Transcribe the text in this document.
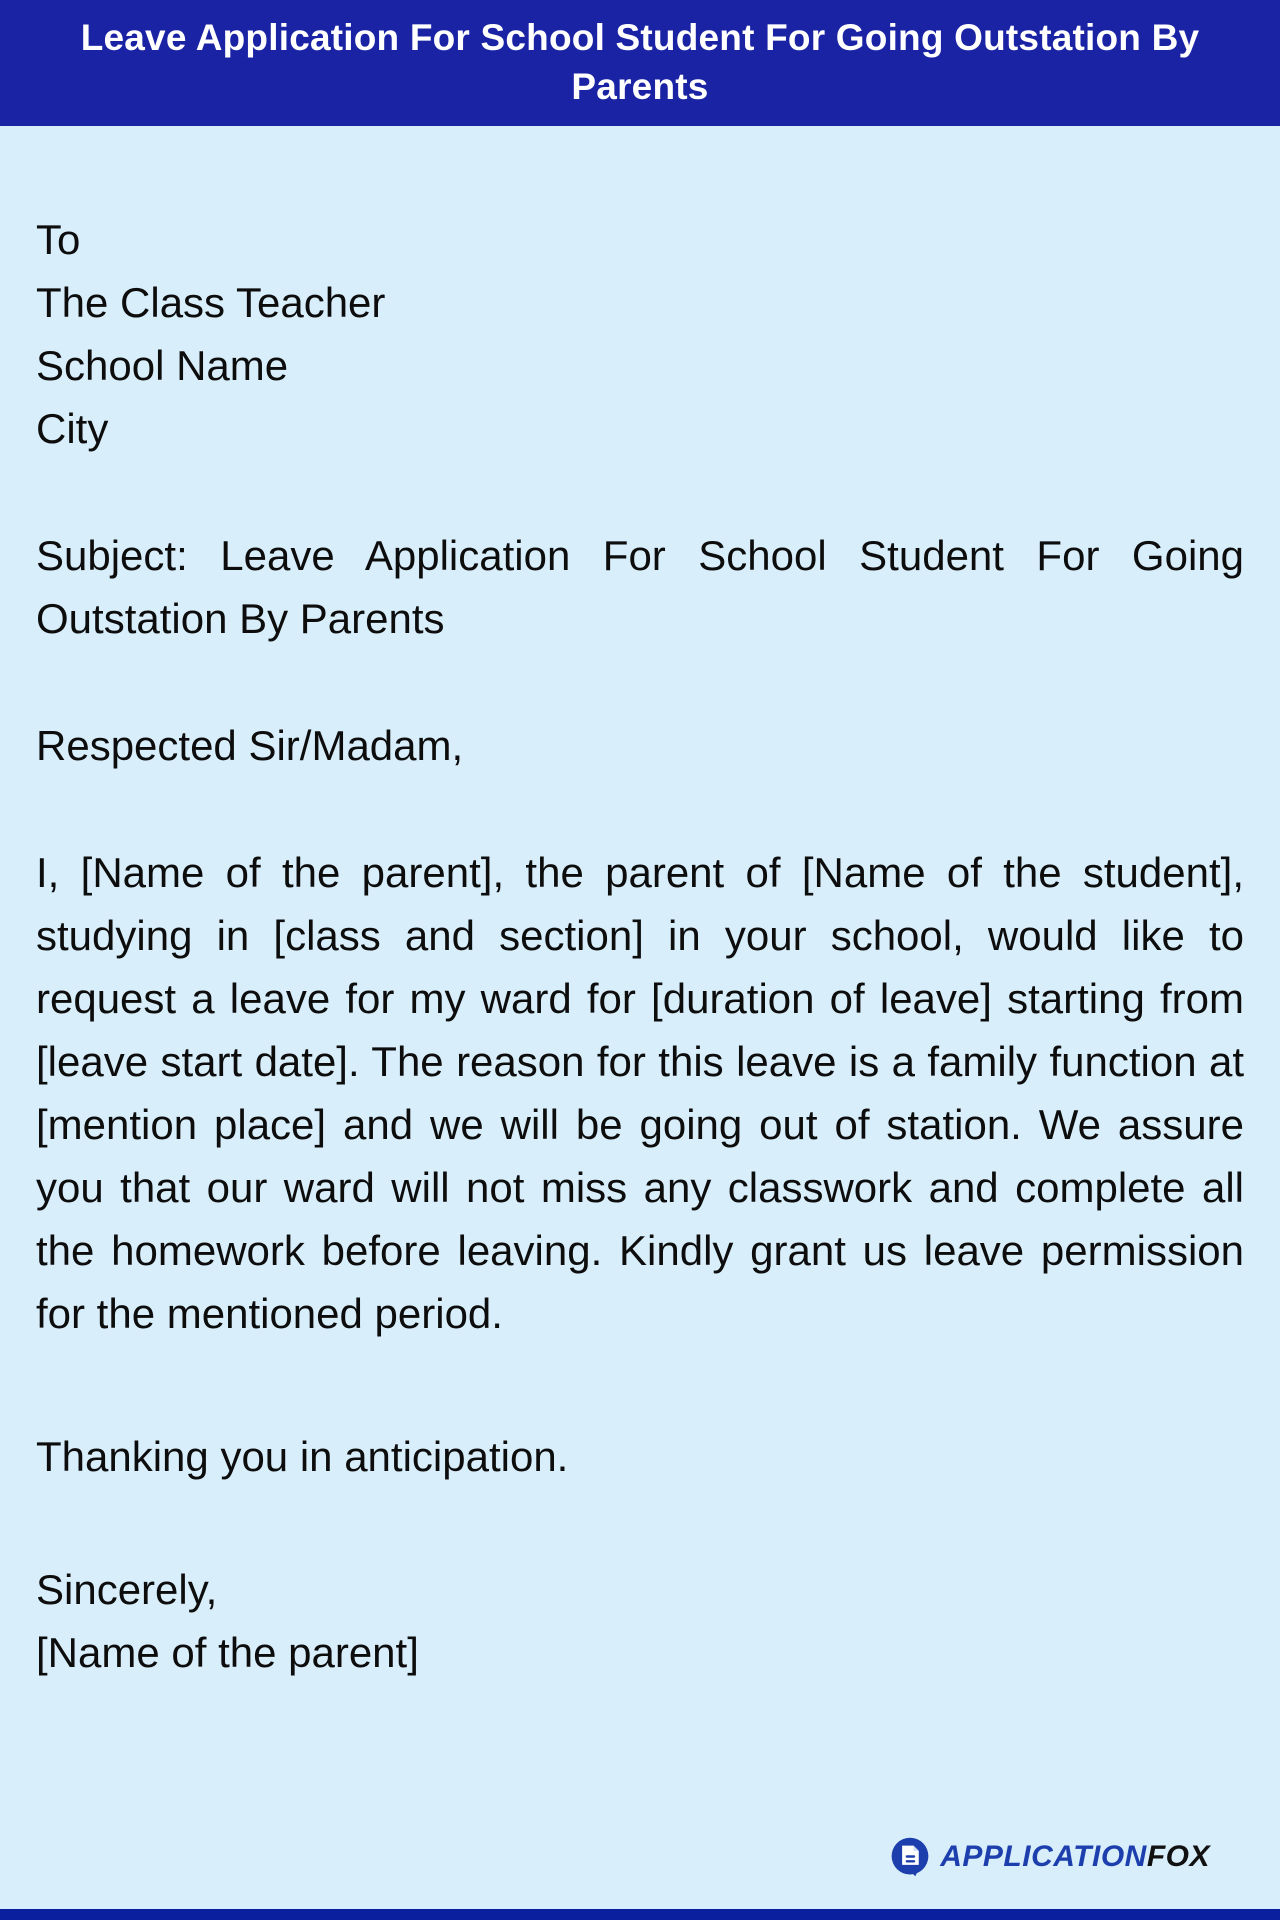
Leave Application For School Student For Going Outstation By Parents
To
The Class Teacher
School Name
City
Subject: Leave Application For School Student For Going Outstation By Parents
Respected Sir/Madam,
I, [Name of the parent], the parent of [Name of the student], studying in [class and section] in your school, would like to request a leave for my ward for [duration of leave] starting from [leave start date]. The reason for this leave is a family function at [mention place] and we will be going out of station. We assure you that our ward will not miss any classwork and complete all the homework before leaving. Kindly grant us leave permission for the mentioned period.
Thanking you in anticipation.
Sincerely,
[Name of the parent]
APPLICATIONFOX
